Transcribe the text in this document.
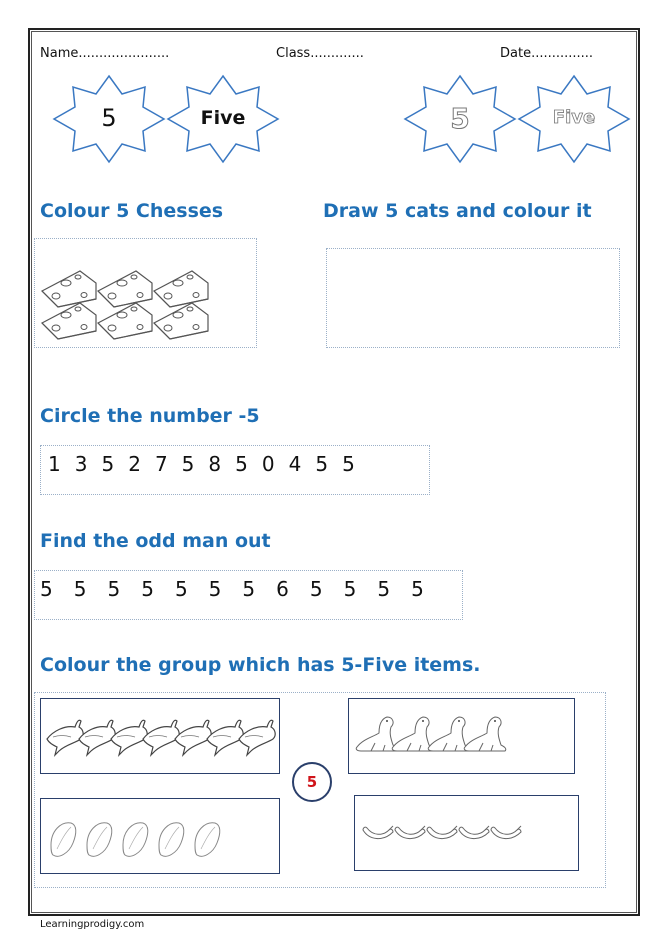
Name......................	Class.............	Date...............
5	Five	5	Five
Colour 5 Chesses	Draw 5 cats and colour it
Circle the number -5
1 3 5 2 7 5 8 5 0 4 5 5
Find the odd man out
5 5 5 5 5 5 5 6 5 5 5 5
Colour the group which has 5-Five items.
5
Learningprodigy.com
